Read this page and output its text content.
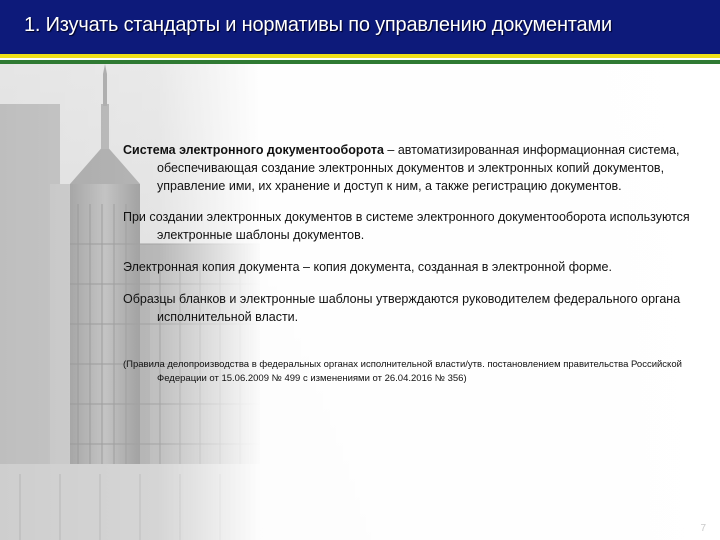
1. Изучать стандарты и нормативы по управлению документами

Система электронного документооборота – автоматизированная информационная система, обеспечивающая создание электронных документов и электронных копий документов, управление ими, их хранение и доступ к ним, а также регистрацию документов.

При создании электронных документов в системе электронного документооборота используются электронные шаблоны документов.

Электронная копия документа – копия документа, созданная в электронной форме.

Образцы бланков и электронные шаблоны утверждаются руководителем федерального органа исполнительной власти.

(Правила делопроизводства в федеральных органах исполнительной власти/утв. постановлением правительства Российской Федерации от 15.06.2009 № 499 с изменениями от 26.04.2016 № 356)

7
